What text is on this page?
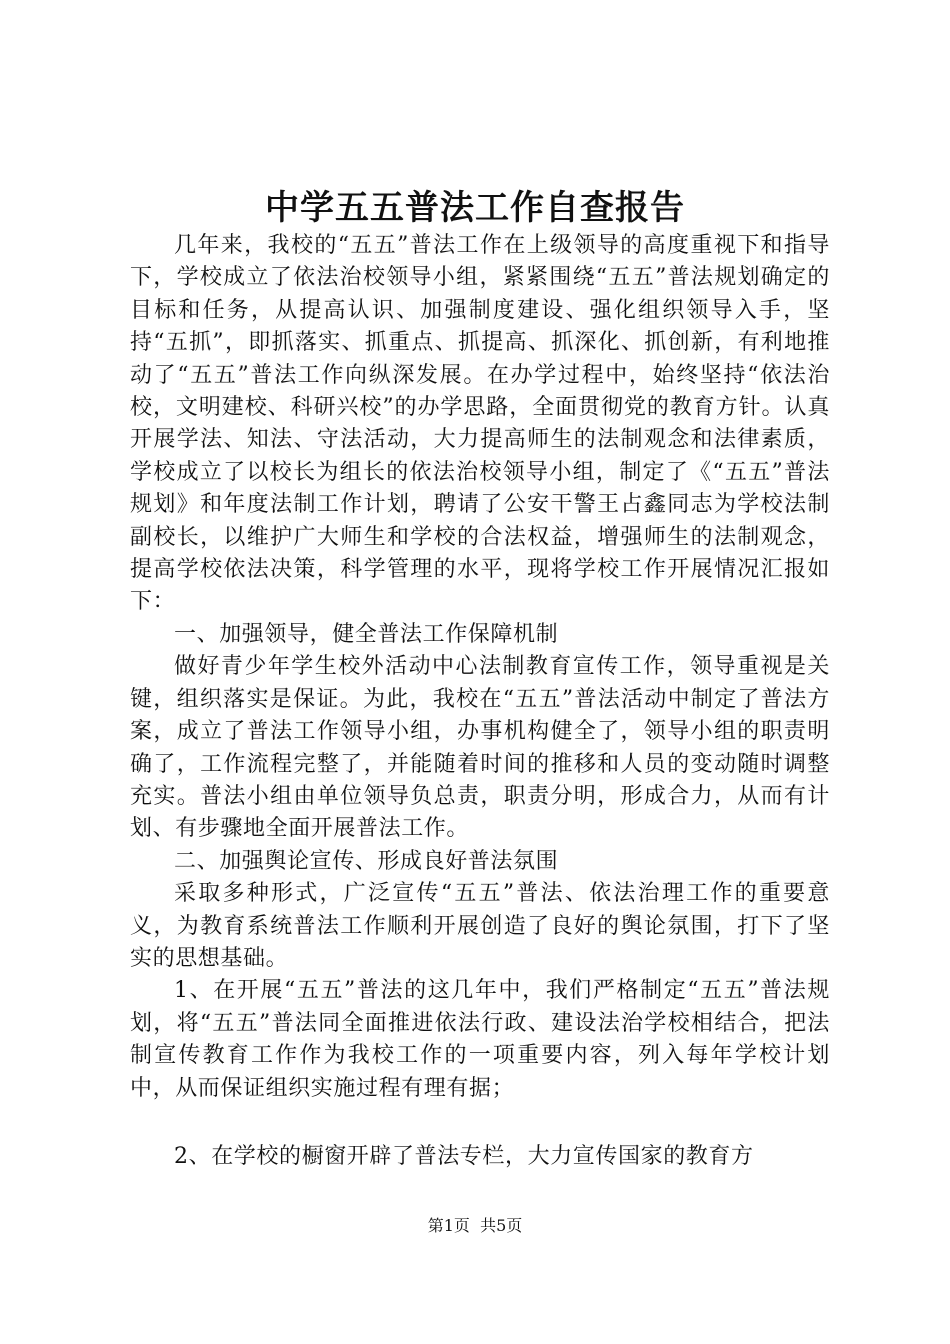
中学五五普法工作自查报告

几年来，我校的“五五”普法工作在上级领导的高度重视下和指导下，学校成立了依法治校领导小组，紧紧围绕“五五”普法规划确定的目标和任务，从提高认识、加强制度建设、强化组织领导入手，坚持“五抓”，即抓落实、抓重点、抓提高、抓深化、抓创新，有利地推动了“五五”普法工作向纵深发展。在办学过程中，始终坚持“依法治校，文明建校、科研兴校”的办学思路，全面贯彻党的教育方针。认真开展学法、知法、守法活动，大力提高师生的法制观念和法律素质，学校成立了以校长为组长的依法治校领导小组，制定了《“五五”普法规划》和年度法制工作计划，聘请了公安干警王占鑫同志为学校法制副校长，以维护广大师生和学校的合法权益，增强师生的法制观念，提高学校依法决策，科学管理的水平，现将学校工作开展情况汇报如下：

一、加强领导，健全普法工作保障机制

做好青少年学生校外活动中心法制教育宣传工作，领导重视是关键，组织落实是保证。为此，我校在“五五”普法活动中制定了普法方案，成立了普法工作领导小组，办事机构健全了，领导小组的职责明确了，工作流程完整了，并能随着时间的推移和人员的变动随时调整充实。普法小组由单位领导负总责，职责分明，形成合力，从而有计划、有步骤地全面开展普法工作。

二、加强舆论宣传、形成良好普法氛围

采取多种形式，广泛宣传“五五”普法、依法治理工作的重要意义，为教育系统普法工作顺利开展创造了良好的舆论氛围，打下了坚实的思想基础。

1、在开展“五五”普法的这几年中，我们严格制定“五五”普法规划，将“五五”普法同全面推进依法行政、建设法治学校相结合，把法制宣传教育工作作为我校工作的一项重要内容，列入每年学校计划中，从而保证组织实施过程有理有据；

2、在学校的橱窗开辟了普法专栏，大力宣传国家的教育方

第1页  共5页
